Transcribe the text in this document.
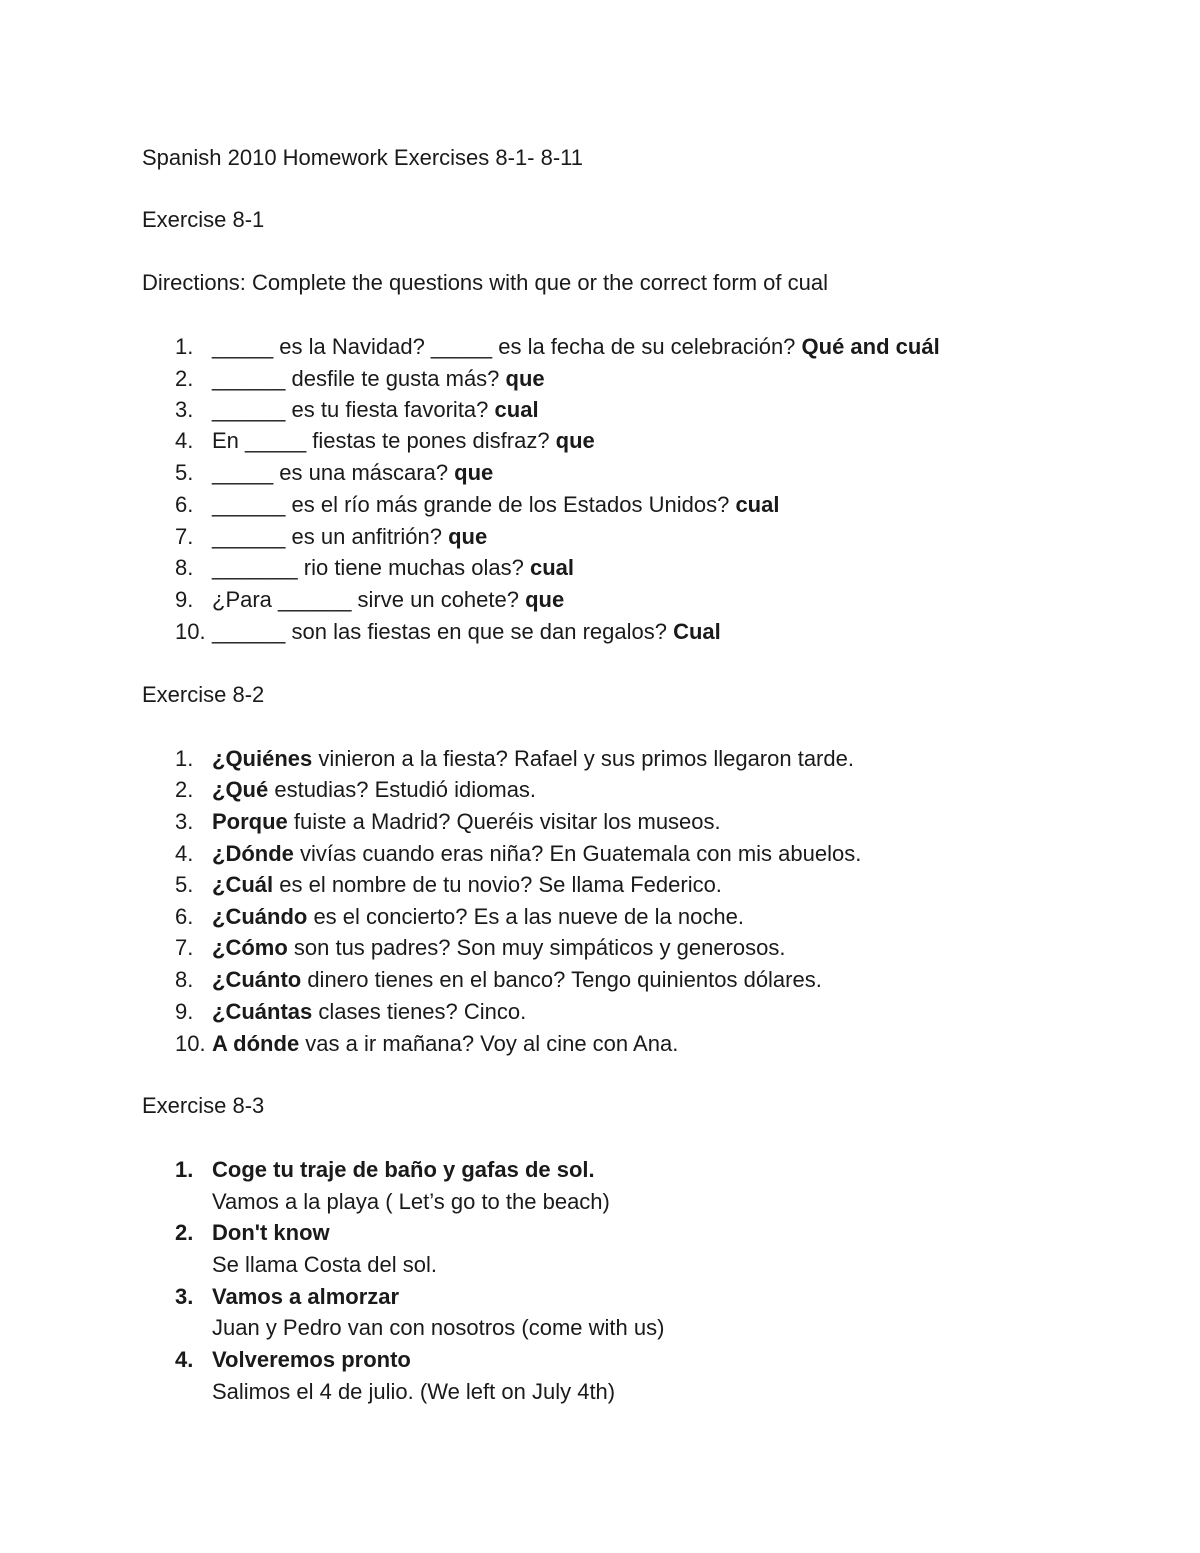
Spanish 2010 Homework Exercises 8-1- 8-11
Exercise 8-1
Directions: Complete the questions with que or the correct form of cual
1. _____ es la Navidad? _____ es la fecha de su celebración? Qué and cuál
2. ______ desfile te gusta más? que
3. ______ es tu fiesta favorita? cual
4. En _____ fiestas te pones disfraz? que
5. _____ es una máscara? que
6. ______ es el río más grande de los Estados Unidos? cual
7. ______ es un anfitrión? que
8. _______ rio tiene muchas olas? cual
9. ¿Para ______ sirve un cohete? que
10. ______ son las fiestas en que se dan regalos? Cual
Exercise 8-2
1. ¿Quiénes vinieron a la fiesta? Rafael y sus primos llegaron tarde.
2. ¿Qué estudias? Estudió idiomas.
3. Porque fuiste a Madrid? Queréis visitar los museos.
4. ¿Dónde vivías cuando eras niña? En Guatemala con mis abuelos.
5. ¿Cuál es el nombre de tu novio? Se llama Federico.
6. ¿Cuándo es el concierto? Es a las nueve de la noche.
7. ¿Cómo son tus padres? Son muy simpáticos y generosos.
8. ¿Cuánto dinero tienes en el banco? Tengo quinientos dólares.
9. ¿Cuántas clases tienes? Cinco.
10. A dónde vas a ir mañana? Voy al cine con Ana.
Exercise 8-3
1. Coge tu traje de baño y gafas de sol.
Vamos a la playa ( Let’s go to the beach)
2. Don't know
Se llama Costa del sol.
3. Vamos a almorzar
Juan y Pedro van con nosotros (come with us)
4. Volveremos pronto
Salimos el 4 de julio. (We left on July 4th)
